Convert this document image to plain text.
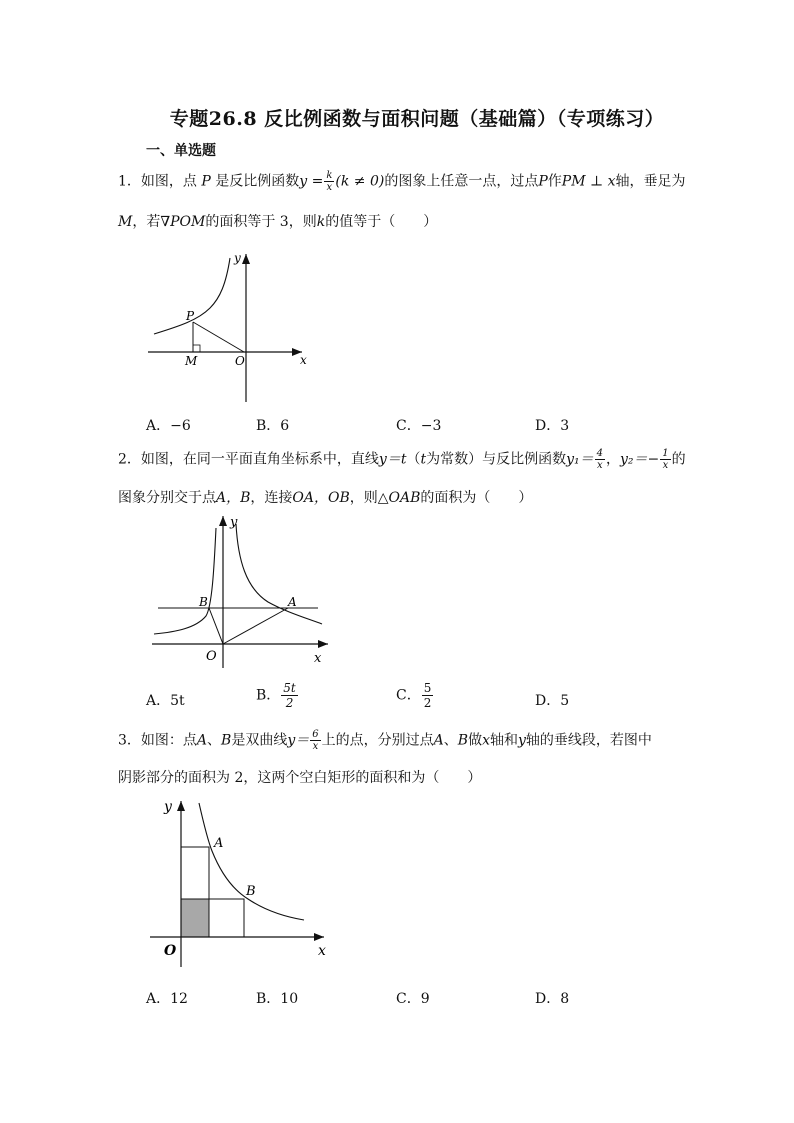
专题26.8 反比例函数与面积问题（基础篇）（专项练习）
一、单选题
1．如图，点 P 是反比例函数$y = \frac{k}{x} (k \ne 0)$的图象上任意一点，过点P作PM ⊥ x轴，垂足为
M，若∇POM的面积等于 3，则k的值等于（　　）
y
x
P
M	O
A．−6	B．6	C．−3	D．3
2．如图，在同一平面直角坐标系中，直线y＝t（t为常数）与反比例函数$y_1= \frac{4}{x}$ ，$y_2=- \frac{1}{x}$ 的
图象分别交于点A，B，连接OA，OB，则△OAB的面积为（　　）
y
x
B	A
O
A．5t	B． $\frac{5t}{2}$	C． $\frac{5}{2}$	D．5
3．如图：点A、B是双曲线$y= \frac{6}{x}$ 上的点，分别过点A、B做x轴和y轴的垂线段，若图中
阴影部分的面积为 2，这两个空白矩形的面积和为（　　）
y
x
A
B
O
A．12	B．10	C．9	D．8
